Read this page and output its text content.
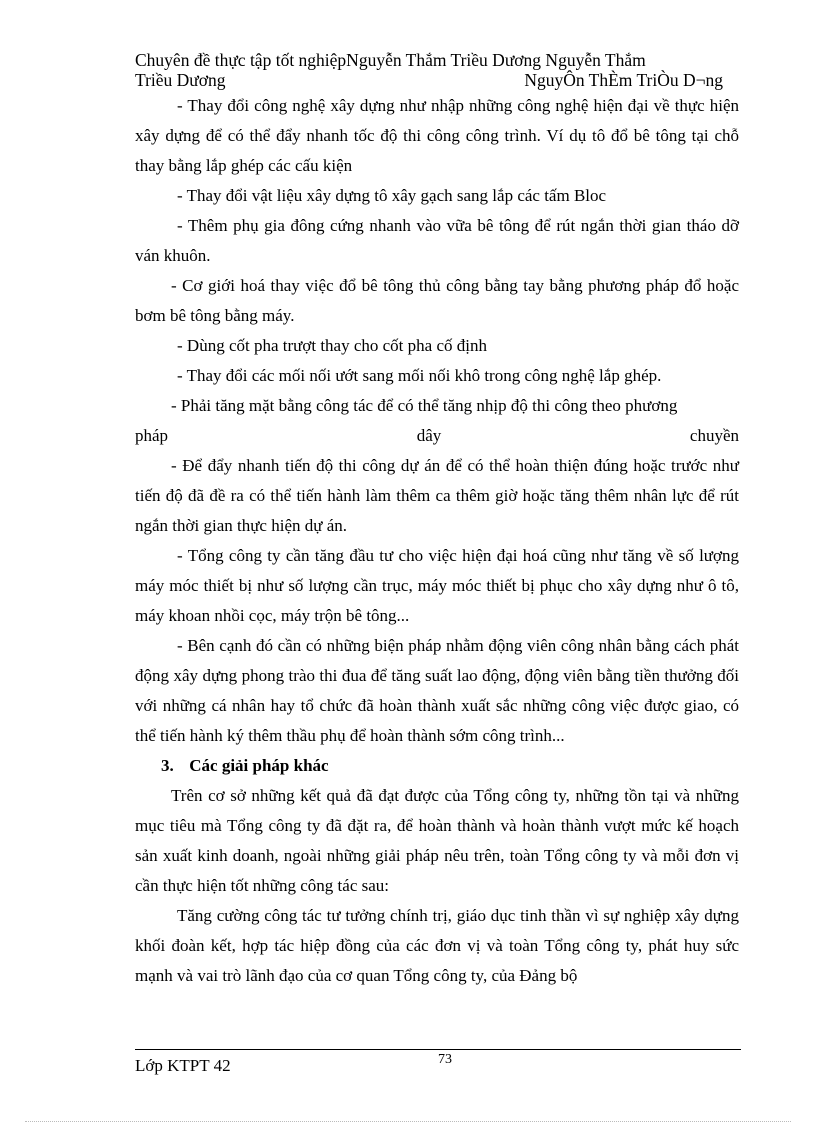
Chuyên đề thực tập tốt nghiệpNguyễn Thắm Triều Dương Nguyễn Thắm
Triều Dương	NguyÔn ThÈm TriÒu D¬ng

- Thay đổi công nghệ xây dựng như nhập những công nghệ hiện đại về thực hiện xây dựng để có thể đẩy nhanh tốc độ thi công công trình. Ví dụ tô đổ bê tông tại chỗ thay bằng lắp ghép các cấu kiện

- Thay đổi vật liệu xây dựng tô xây gạch sang lắp các tấm Bloc

- Thêm phụ gia đông cứng nhanh vào vữa bê tông để rút ngắn thời gian tháo dỡ ván khuôn.

- Cơ giới hoá thay việc đổ bê tông thủ công bằng tay bằng phương pháp đổ hoặc bơm bê tông bằng máy.

- Dùng cốt pha trượt thay cho cốt pha cố định

- Thay đổi các mối nối ướt sang mối nối khô trong công nghệ lắp ghép.

- Phải tăng mặt bằng công tác để có thể tăng nhịp độ thi công theo phương

pháp	dây	chuyền

- Để đẩy nhanh tiến độ thi công dự án để có thể hoàn thiện đúng hoặc trước như tiến độ đã đề ra có thể tiến hành làm thêm ca thêm giờ hoặc tăng thêm nhân lực để rút ngắn thời gian thực hiện dự án.

- Tổng công ty cần tăng đầu tư cho việc hiện đại hoá cũng như tăng về số lượng máy móc thiết bị như số lượng cần trục, máy móc thiết bị phục cho xây dựng như ô tô, máy khoan nhồi cọc, máy trộn bê tông...

- Bên cạnh đó cần có những biện pháp nhằm động viên công nhân bằng cách phát động xây dựng phong trào thi đua để tăng suất lao động, động viên bằng tiền thưởng đối với những cá nhân hay tổ chức đã hoàn thành xuất sắc những công việc được giao, có thể tiến hành ký thêm thầu phụ để hoàn thành sớm công trình...

3. Các giải pháp khác

Trên cơ sở những kết quả đã đạt được của Tổng công ty, những tồn tại và những mục tiêu mà Tổng công ty đã đặt ra, để hoàn thành và hoàn thành vượt mức kế hoạch sản xuất kinh doanh, ngoài những giải pháp nêu trên, toàn Tổng công ty và mỗi đơn vị cần thực hiện tốt những công tác sau:

Tăng cường công tác tư tưởng chính trị, giáo dục tinh thần vì sự nghiệp xây dựng khối đoàn kết, hợp tác hiệp đồng của các đơn vị và toàn Tổng công ty, phát huy sức mạnh và vai trò lãnh đạo của cơ quan Tổng công ty, của Đảng bộ

Lớp KTPT 42	73
